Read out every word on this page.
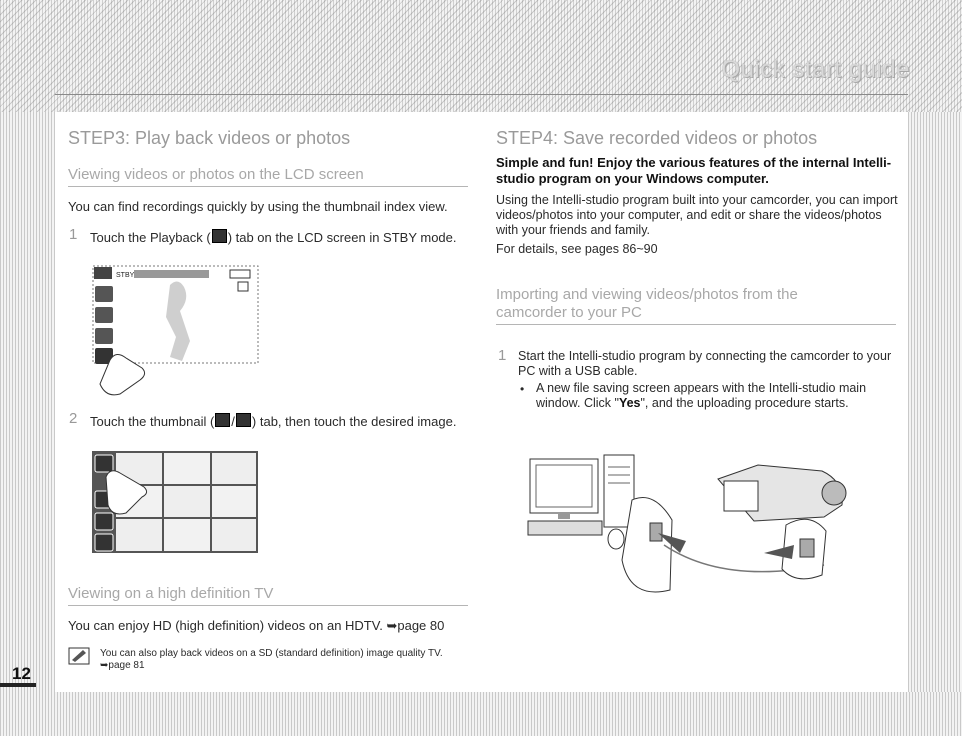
Quick start guide
STEP3: Play back videos or photos
Viewing videos or photos on the LCD screen
You can find recordings quickly by using the thumbnail index view.
1 Touch the Playback ( ) tab on the LCD screen in STBY mode.
STBY
2 Touch the thumbnail ( / ) tab, then touch the desired image.
Viewing on a high definition TV
You can enjoy HD (high definition) videos on an HDTV. ➥page 80
You can also play back videos on a SD (standard definition) image quality TV. ➥page 81
STEP4: Save recorded videos or photos
Simple and fun! Enjoy the various features of the internal Intelli-studio program on your Windows computer.
Using the Intelli-studio program built into your camcorder, you can import videos/photos into your computer, and edit or share the videos/photos with your friends and family.
For details, see pages 86~90
Importing and viewing videos/photos from the
camcorder to your PC
1 Start the Intelli-studio program by connecting the camcorder to your PC with a USB cable.
• A new file saving screen appears with the Intelli-studio main window. Click "Yes", and the uploading procedure starts.
12
